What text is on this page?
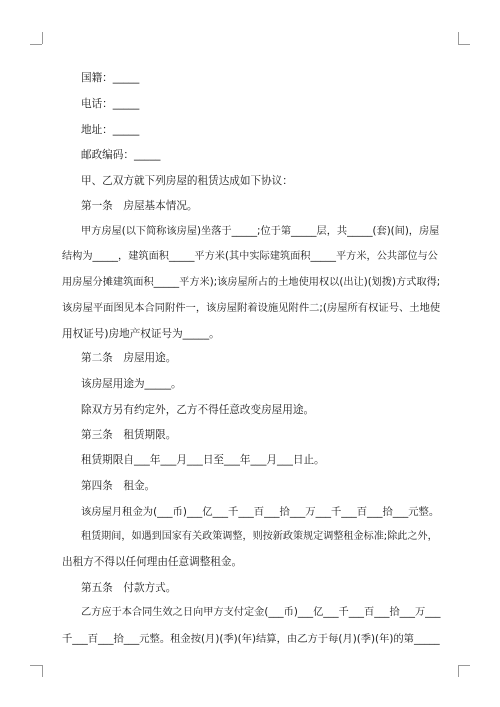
国籍：_____
电话：_____
地址：_____
邮政编码：_____
甲、乙双方就下列房屋的租赁达成如下协议：
第一条　房屋基本情况。
甲方房屋(以下简称该房屋)坐落于_____;位于第_____层，共_____(套)(间)，房屋
结构为_____，建筑面积_____平方米(其中实际建筑面积_____平方米，公共部位与公
用房屋分摊建筑面积_____平方米);该房屋所占的土地使用权以(出让)(划拨)方式取得;
该房屋平面图见本合同附件一，该房屋附着设施见附件二;(房屋所有权证号、土地使
用权证号)房地产权证号为_____。
第二条　房屋用途。
该房屋用途为_____。
除双方另有约定外，乙方不得任意改变房屋用途。
第三条　租赁期限。
租赁期限自___年___月___日至___年___月___日止。
第四条　租金。
该房屋月租金为(___币)___亿___千___百___拾___万___千___百___拾___元整。
租赁期间，如遇到国家有关政策调整，则按新政策规定调整租金标准;除此之外，
出租方不得以任何理由任意调整租金。
第五条　付款方式。
乙方应于本合同生效之日向甲方支付定金(___币)___亿___千___百___拾___万___
千___百___拾___元整。租金按(月)(季)(年)结算，由乙方于每(月)(季)(年)的第_____
